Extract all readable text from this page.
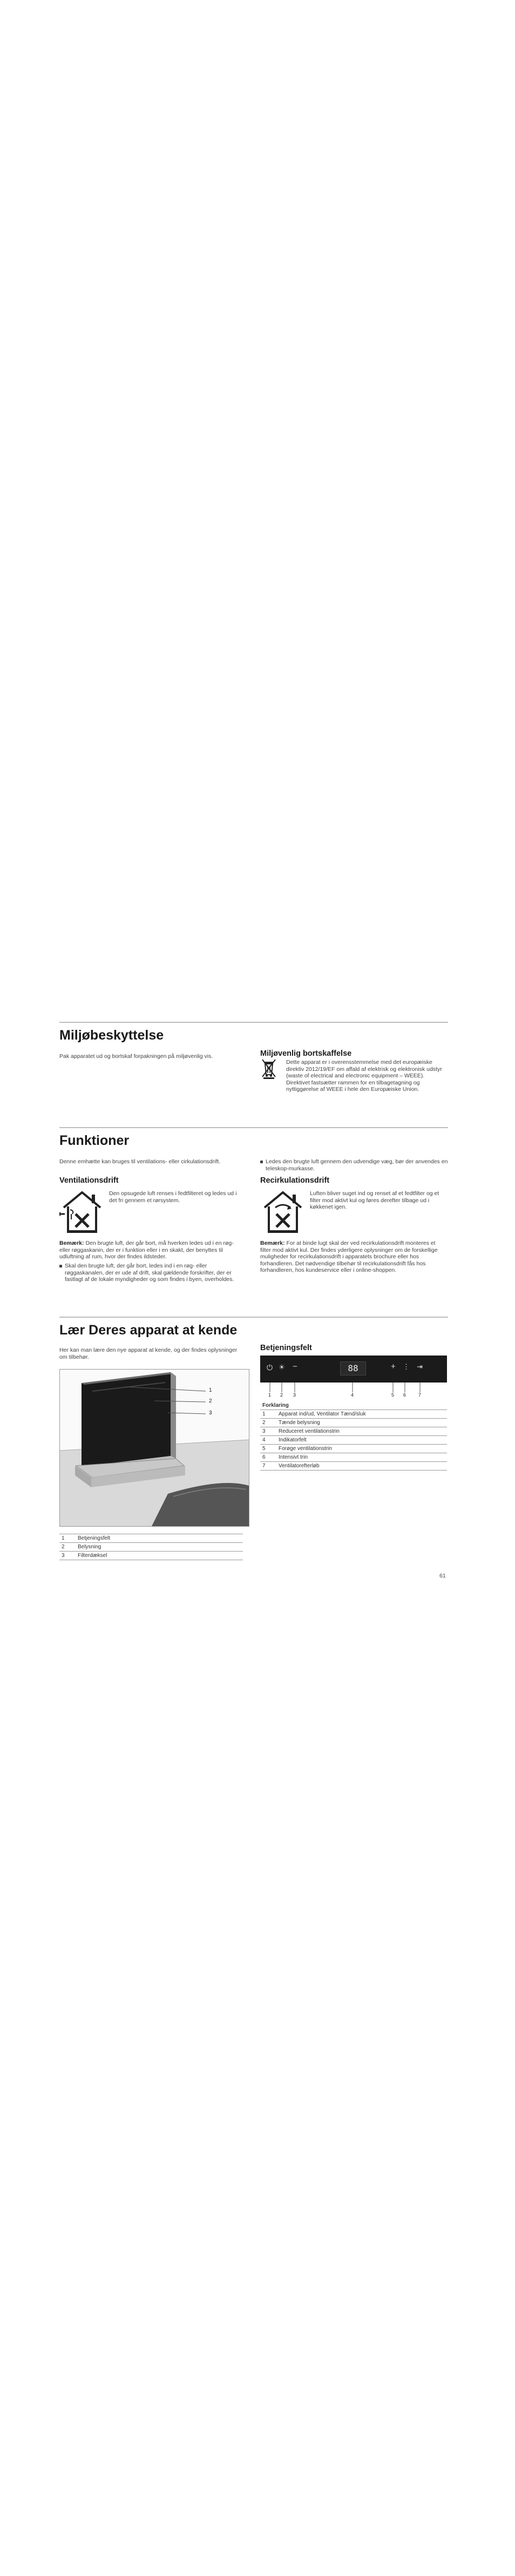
Miljøbeskyttelse
Pak apparatet ud og bortskaf forpakningen på miljøvenlig vis.	Miljøvenlig bortskaffelse
Dette apparat er i overensstemmelse med det europæiske direktiv 2012/19/EF om affald af elektrisk og elektronisk udstyr (waste of electrical and electronic equipment – WEEE). Direktivet fastsætter rammen for en tilbagetagning og nyttiggørelse af WEEE i hele den Europæiske Union.
Funktioner
Denne emhætte kan bruges til ventilations- eller cirkulationsdrift.	Ledes den brugte luft gennem den udvendige væg, bør der anvendes en teleskop-murkasse.
Ventilationsdrift
Den opsugede luft renses i fedtfilteret og ledes ud i det fri gennem et rørsystem.
Bemærk: Den brugte luft, der går bort, må hverken ledes ud i en røg- eller røggaskanin, der er i funktion eller i en skakt, der benyttes til udluftning af rum, hvor der findes ildsteder.
Skal den brugte luft, der går bort, ledes ind i en røg- eller røggaskanalen, der er ude af drift, skal gældende forskrifter, der er fastlagt af de lokale myndigheder og som findes i byen, overholdes.
Recirkulationsdrift
Luften bliver suget ind og renset af et fedtfilter og et filter mod aktivt kul og føres derefter tilbage ud i køkkenet igen.
Bemærk: For at binde lugt skal der ved recirkulationsdrift monteres et filter mod aktivt kul. Der findes yderligere oplysninger om de forskellige muligheder for recirkulationsdrift i apparatets brochure eller hos forhandleren. Det nødvendige tilbehør til recirkulationsdrift fås hos forhandleren, hos kundeservice eller i online-shoppen.
Lær Deres apparat at kende
Her kan man lære den nye apparat at kende, og der findes oplysninger om tilbehør.
1
2
3
1	Betjeningsfelt
2	Belysning
3	Filterdæksel
Betjeningsfelt
⏻ ☀ −	88	+ ⋮ ⇥
1 2 3	4	5 6	7
Forklaring	
1	Apparat ind/ud, Ventilator Tænd/sluk
2	Tænde belysning
3	Reduceret ventilationstrin
4	Indikatorfelt
5	Forøge ventilationstrin
6	Intensivt trin
7	Ventilatorefterløb
61
